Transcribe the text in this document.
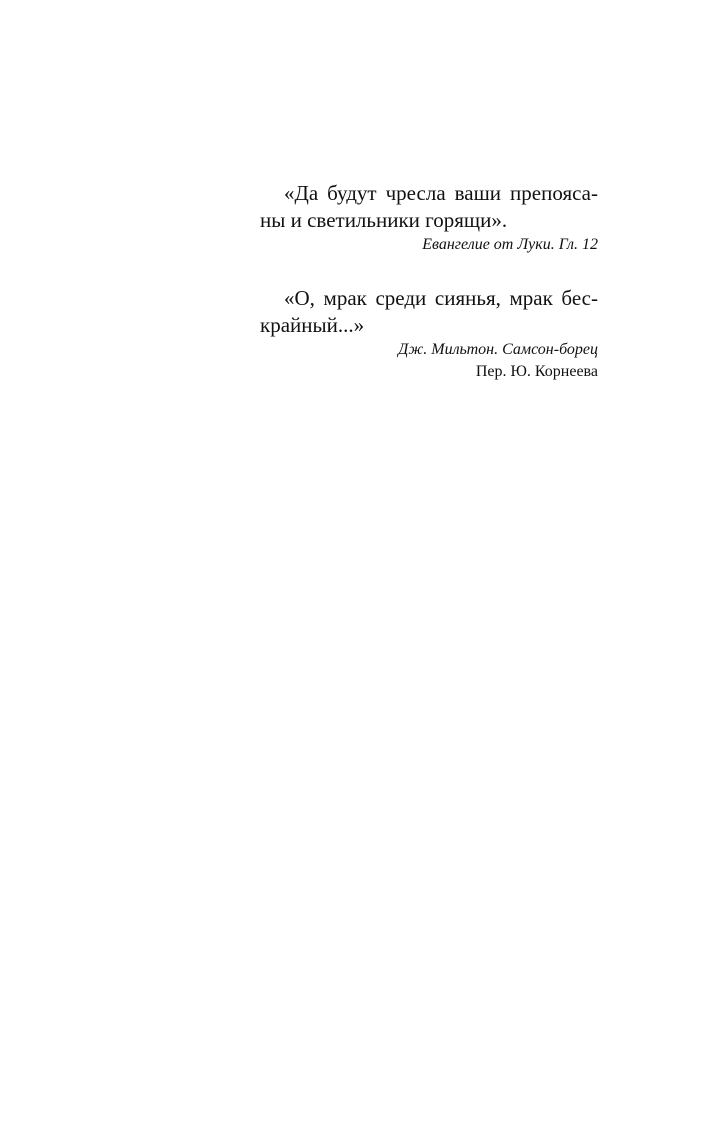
«Да будут чресла ваши препояса-
ны и светильники горящи».
Евангелие от Луки. Гл. 12
«О, мрак среди сиянья, мрак бес-
крайный...»
Дж. Мильтон. Самсон-борец
Пер. Ю. Корнеева
